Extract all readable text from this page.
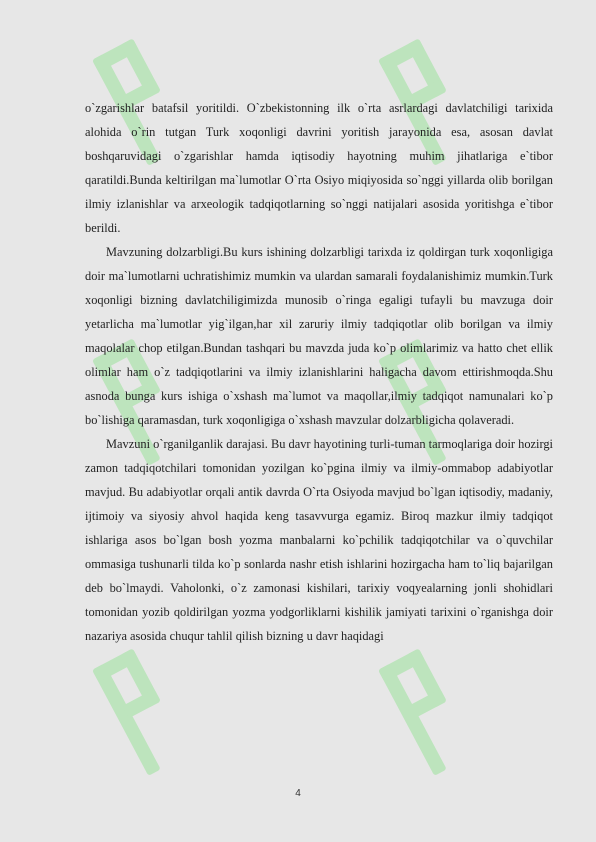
o`zgarishlar batafsil yoritildi. O`zbekistonning ilk o`rta asrlardagi davlatchiligi tarixida alohida o`rin tutgan Turk xoqonligi davrini yoritish jarayonida esa, asosan davlat boshqaruvidagi o`zgarishlar hamda iqtisodiy hayotning muhim jihatlariga e`tibor qaratildi.Bunda keltirilgan ma`lumotlar O`rta Osiyo miqiyosida so`nggi yillarda olib borilgan ilmiy izlanishlar va arxeologik tadqiqotlarning so`nggi natijalari asosida yoritishga e`tibor berildi.

Mavzuning dolzarbligi.Bu kurs ishining dolzarbligi tarixda iz qoldirgan turk xoqonligiga doir ma`lumotlarni uchratishimiz mumkin va ulardan samarali foydalanishimiz mumkin.Turk xoqonligi bizning davlatchiligimizda munosib o`ringa egaligi tufayli bu mavzuga doir yetarlicha ma`lumotlar yig`ilgan,har xil zaruriy ilmiy tadqiqotlar olib borilgan va ilmiy maqolalar chop etilgan.Bundan tashqari bu mavzda juda ko`p olimlarimiz va hatto chet ellik olimlar ham o`z tadqiqotlarini va ilmiy izlanishlarini haligacha davom ettirishmoqda.Shu asnoda bunga kurs ishiga o`xshash ma`lumot va maqollar,ilmiy tadqiqot namunalari ko`p bo`lishiga qaramasdan, turk xoqonligiga o`xshash mavzular dolzarbligicha qolaveradi.

Mavzuni o`rganilganlik darajasi. Bu davr hayotining turli-tuman tarmoqlariga doir hozirgi zamon tadqiqotchilari tomonidan yozilgan ko`pgina ilmiy va ilmiy-ommabop adabiyotlar mavjud. Bu adabiyotlar orqali antik davrda O`rta Osiyoda mavjud bo`lgan iqtisodiy, madaniy, ijtimoiy va siyosiy ahvol haqida keng tasavvurga egamiz. Biroq mazkur ilmiy tadqiqot ishlariga asos bo`lgan bosh yozma manbalarni ko`pchilik tadqiqotchilar va o`quvchilar ommasiga tushunarli tilda ko`p sonlarda nashr etish ishlarini hozirgacha ham to`liq bajarilgan deb bo`lmaydi. Vaholonki, o`z zamonasi kishilari, tarixiy voqyealarning jonli shohidlari tomonidan yozib qoldirilgan yozma yodgorliklarni kishilik jamiyati tarixini o`rganishga doir nazariya asosida chuqur tahlil qilish bizning u davr haqidagi

4
